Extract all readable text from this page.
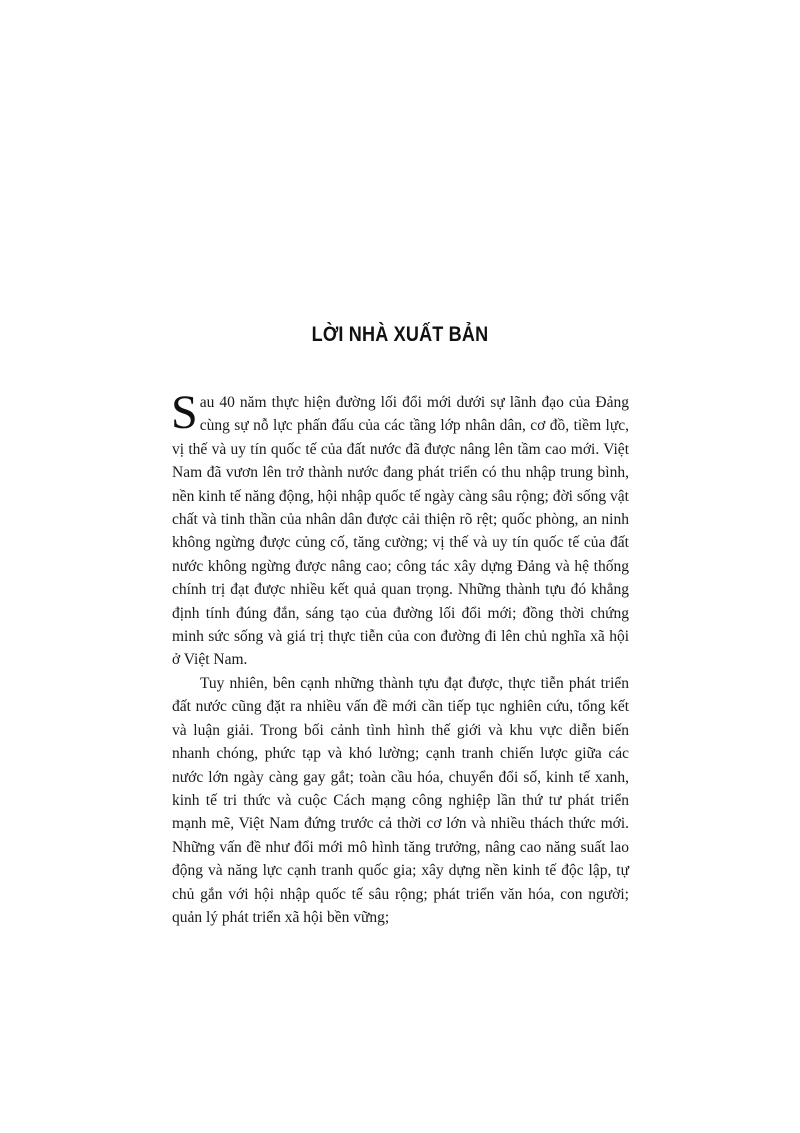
LỜI NHÀ XUẤT BẢN

Sau 40 năm thực hiện đường lối đổi mới dưới sự lãnh đạo của Đảng cùng sự nỗ lực phấn đấu của các tầng lớp nhân dân, cơ đồ, tiềm lực, vị thế và uy tín quốc tế của đất nước đã được nâng lên tầm cao mới. Việt Nam đã vươn lên trở thành nước đang phát triển có thu nhập trung bình, nền kinh tế năng động, hội nhập quốc tế ngày càng sâu rộng; đời sống vật chất và tinh thần của nhân dân được cải thiện rõ rệt; quốc phòng, an ninh không ngừng được củng cố, tăng cường; vị thế và uy tín quốc tế của đất nước không ngừng được nâng cao; công tác xây dựng Đảng và hệ thống chính trị đạt được nhiều kết quả quan trọng. Những thành tựu đó khẳng định tính đúng đắn, sáng tạo của đường lối đổi mới; đồng thời chứng minh sức sống và giá trị thực tiễn của con đường đi lên chủ nghĩa xã hội ở Việt Nam.

Tuy nhiên, bên cạnh những thành tựu đạt được, thực tiễn phát triển đất nước cũng đặt ra nhiều vấn đề mới cần tiếp tục nghiên cứu, tổng kết và luận giải. Trong bối cảnh tình hình thế giới và khu vực diễn biến nhanh chóng, phức tạp và khó lường; cạnh tranh chiến lược giữa các nước lớn ngày càng gay gắt; toàn cầu hóa, chuyển đổi số, kinh tế xanh, kinh tế tri thức và cuộc Cách mạng công nghiệp lần thứ tư phát triển mạnh mẽ, Việt Nam đứng trước cả thời cơ lớn và nhiều thách thức mới. Những vấn đề như đổi mới mô hình tăng trưởng, nâng cao năng suất lao động và năng lực cạnh tranh quốc gia; xây dựng nền kinh tế độc lập, tự chủ gắn với hội nhập quốc tế sâu rộng; phát triển văn hóa, con người; quản lý phát triển xã hội bền vững;
